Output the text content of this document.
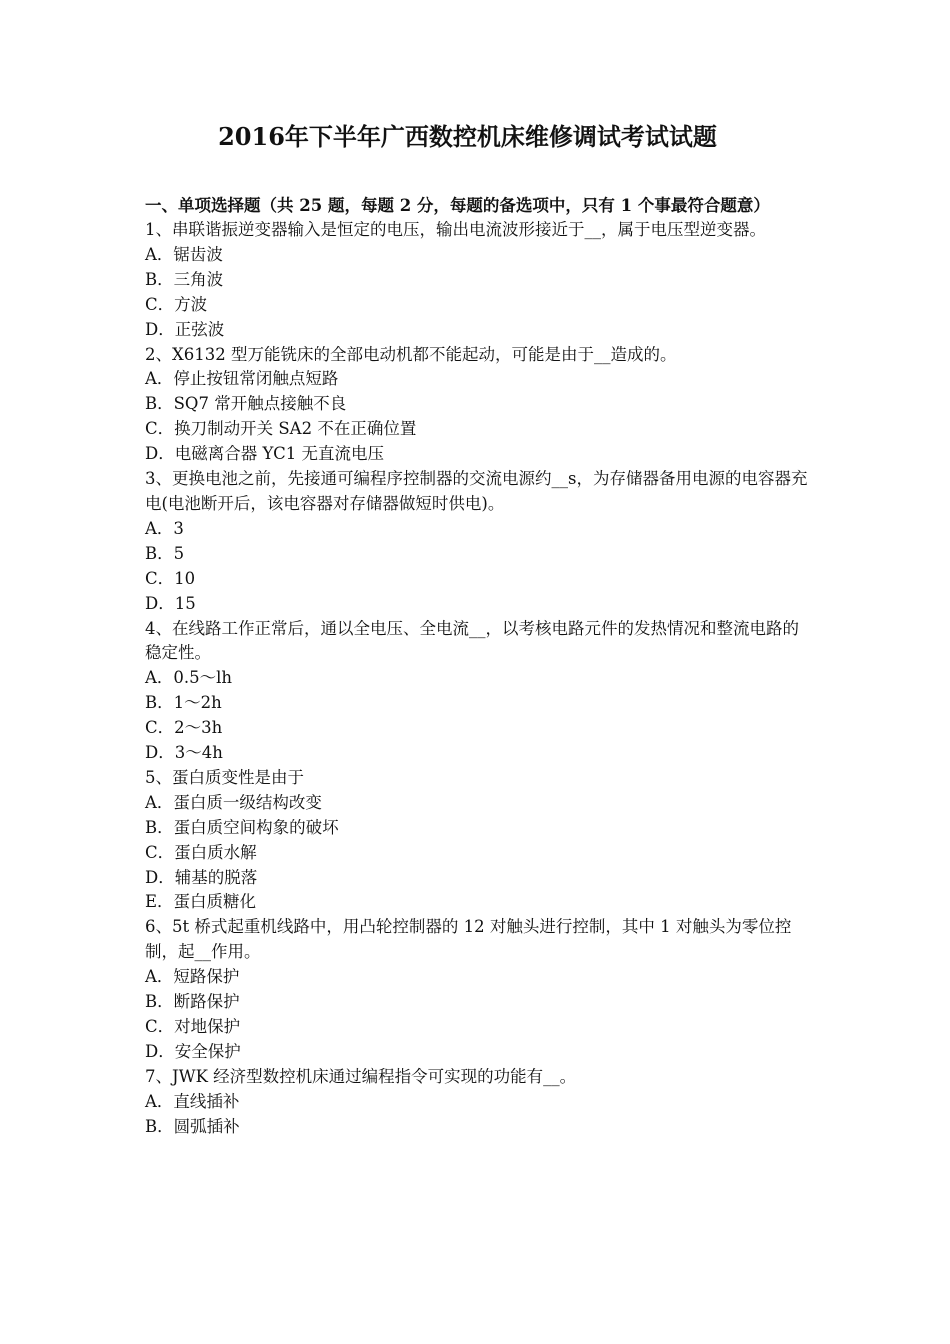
2016年下半年广西数控机床维修调试考试试题
一、单项选择题（共 25 题，每题 2 分，每题的备选项中，只有 1 个事最符合题意）
1、串联谐振逆变器输入是恒定的电压，输出电流波形接近于__，属于电压型逆变器。
A．锯齿波
B．三角波
C．方波
D．正弦波
2、X6132 型万能铣床的全部电动机都不能起动，可能是由于__造成的。
A．停止按钮常闭触点短路
B．SQ7 常开触点接触不良
C．换刀制动开关 SA2 不在正确位置
D．电磁离合器 YC1 无直流电压
3、更换电池之前，先接通可编程序控制器的交流电源约__s，为存储器备用电源的电容器充电(电池断开后，该电容器对存储器做短时供电)。
A．3
B．5
C．10
D．15
4、在线路工作正常后，通以全电压、全电流__，以考核电路元件的发热情况和整流电路的稳定性。
A．0.5～lh
B．1～2h
C．2～3h
D．3～4h
5、蛋白质变性是由于
A．蛋白质一级结构改变
B．蛋白质空间构象的破坏
C．蛋白质水解
D．辅基的脱落
E．蛋白质糖化
6、5t 桥式起重机线路中，用凸轮控制器的 12 对触头进行控制，其中 1 对触头为零位控制，起__作用。
A．短路保护
B．断路保护
C．对地保护
D．安全保护
7、JWK 经济型数控机床通过编程指令可实现的功能有__。
A．直线插补
B．圆弧插补
